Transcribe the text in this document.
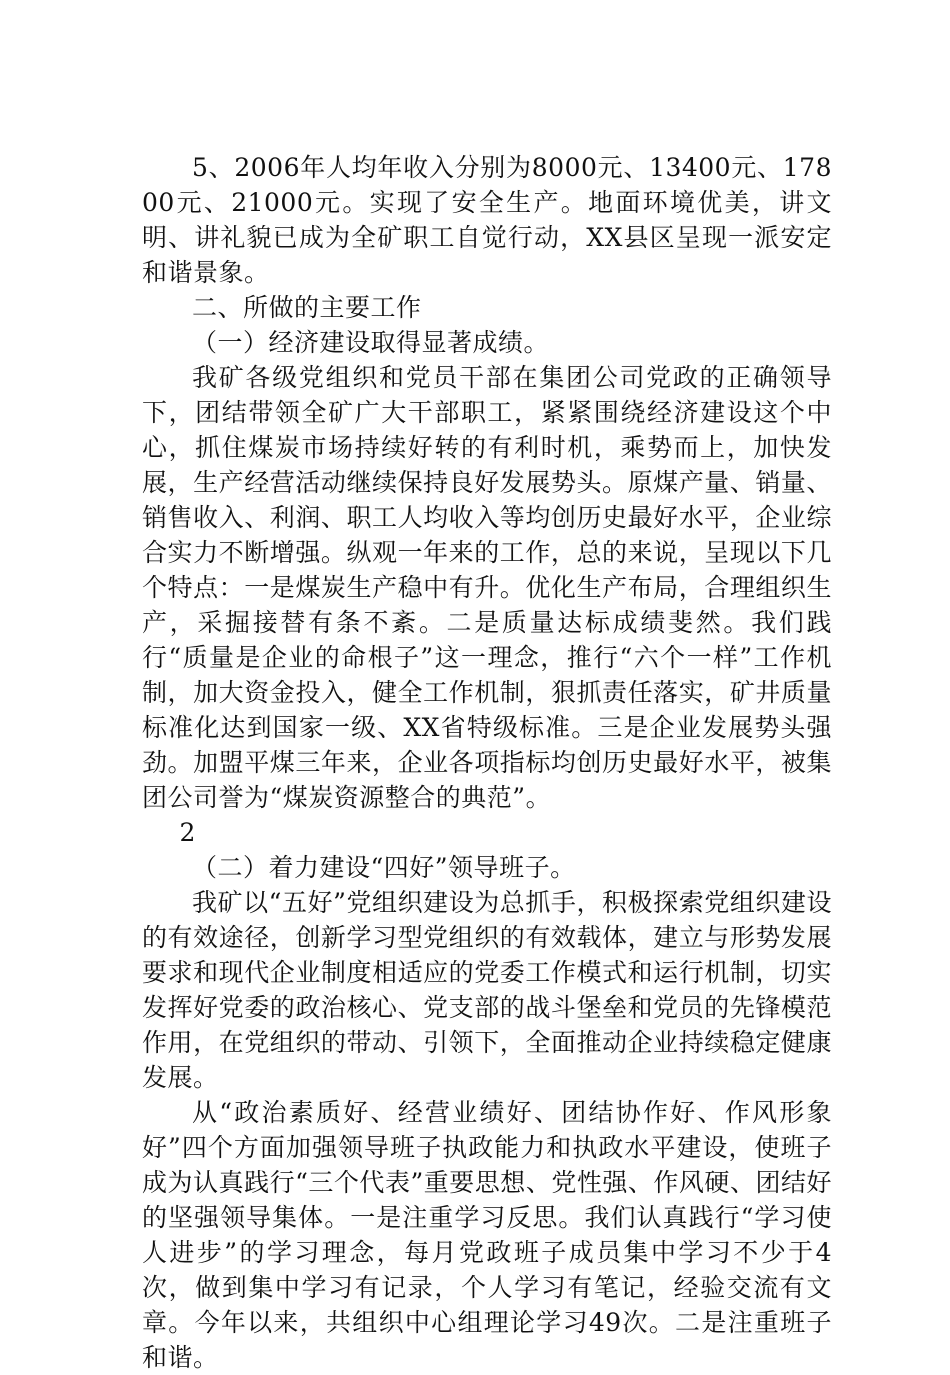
5、2006年人均年收入分别为8000元、13400元、17800元、21000元。实现了安全生产。地面环境优美，讲文明、讲礼貌已成为全矿职工自觉行动，XX县区呈现一派安定和谐景象。

二、所做的主要工作

（一）经济建设取得显著成绩。

我矿各级党组织和党员干部在集团公司党政的正确领导下，团结带领全矿广大干部职工，紧紧围绕经济建设这个中心，抓住煤炭市场持续好转的有利时机，乘势而上，加快发展，生产经营活动继续保持良好发展势头。原煤产量、销量、销售收入、利润、职工人均收入等均创历史最好水平，企业综合实力不断增强。纵观一年来的工作，总的来说，呈现以下几个特点：一是煤炭生产稳中有升。优化生产布局，合理组织生产，采掘接替有条不紊。二是质量达标成绩斐然。我们践行“质量是企业的命根子”这一理念，推行“六个一样”工作机制，加大资金投入，健全工作机制，狠抓责任落实，矿井质量标准化达到国家一级、XX省特级标准。三是企业发展势头强劲。加盟平煤三年来，企业各项指标均创历史最好水平，被集团公司誉为“煤炭资源整合的典范”。

2

（二）着力建设“四好”领导班子。

我矿以“五好”党组织建设为总抓手，积极探索党组织建设的有效途径，创新学习型党组织的有效载体，建立与形势发展要求和现代企业制度相适应的党委工作模式和运行机制，切实发挥好党委的政治核心、党支部的战斗堡垒和党员的先锋模范作用，在党组织的带动、引领下，全面推动企业持续稳定健康发展。

从“政治素质好、经营业绩好、团结协作好、作风形象好”四个方面加强领导班子执政能力和执政水平建设，使班子成为认真践行“三个代表”重要思想、党性强、作风硬、团结好的坚强领导集体。一是注重学习反思。我们认真践行“学习使人进步”的学习理念，每月党政班子成员集中学习不少于4次，做到集中学习有记录，个人学习有笔记，经验交流有文章。今年以来，共组织中心组理论学习49次。二是注重班子和谐。
